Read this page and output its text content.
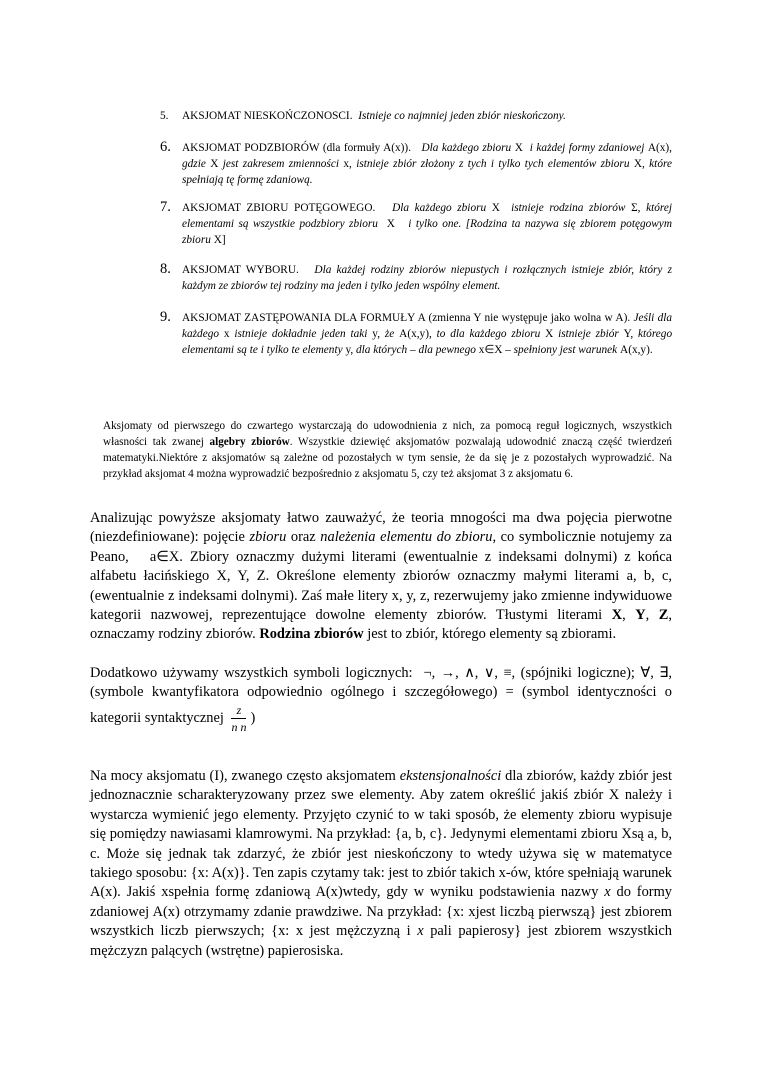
5. AKSJOMAT NIESKOŃCZONOSCI. Istnieje co najmniej jeden zbiór nieskończony.
6. AKSJOMAT PODZBIORÓW (dla formuły A(x)). Dla każdego zbioru X i każdej formy zdaniowej A(x), gdzie X jest zakresem zmienności x, istnieje zbiór złożony z tych i tylko tych elementów zbioru X, które spełniają tę formę zdaniową.
7. AKSJOMAT ZBIORU POTĘGOWEGO. Dla każdego zbioru X istnieje rodzina zbiorów Σ, której elementami są wszystkie podzbiory zbioru X i tylko one. [Rodzina ta nazywa się zbiorem potęgowym zbioru X]
8. AKSJOMAT WYBORU. Dla każdej rodziny zbiorów niepustych i rozłącznych istnieje zbiór, który z każdym ze zbiorów tej rodziny ma jeden i tylko jeden wspólny element.
9. AKSJOMAT ZASTĘPOWANIA DLA FORMUŁY A (zmienna Y nie występuje jako wolna w A). Jeśli dla każdego x istnieje dokładnie jeden taki y, że A(x,y), to dla każdego zbioru X istnieje zbiór Y, którego elementami są te i tylko te elementy y, dla których – dla pewnego x∈X – spełniony jest warunek A(x,y).
Aksjomaty od pierwszego do czwartego wystarczają do udowodnienia z nich, za pomocą reguł logicznych, wszystkich własności tak zwanej algebry zbiorów. Wszystkie dziewięć aksjomatów pozwalają udowodnić znaczą część twierdzeń matematyki.Niektóre z aksjomatów są zależne od pozostałych w tym sensie, że da się je z pozostałych wyprowadzić. Na przykład aksjomat 4 można wyprowadzić bezpośrednio z aksjomatu 5, czy też aksjomat 3 z aksjomatu 6.
Analizując powyższe aksjomaty łatwo zauważyć, że teoria mnogości ma dwa pojęcia pierwotne (niezdefiniowane): pojęcie zbioru oraz należenia elementu do zbioru, co symbolicznie notujemy za Peano, a∈X. Zbiory oznaczmy dużymi literami (ewentualnie z indeksami dolnymi) z końca alfabetu łacińskiego X, Y, Z. Określone elementy zbiorów oznaczmy małymi literami a, b, c, (ewentualnie z indeksami dolnymi). Zaś małe litery x, y, z, rezerwujemy jako zmienne indywiduowe kategorii nazwowej, reprezentujące dowolne elementy zbiorów. Tłustymi literami X, Y, Z, oznaczamy rodziny zbiorów. Rodzina zbiorów jest to zbiór, którego elementy są zbiorami.
Dodatkowo używamy wszystkich symboli logicznych: ¬, →, ∧, ∨, ≡, (spójniki logiczne); ∀, ∃, (symbole kwantyfikatora odpowiednio ogólnego i szczegółowego) = (symbol identyczności o kategorii syntaktycznej $\frac{z}{\text{n n}}$ )
Na mocy aksjomatu (I), zwanego często aksjomatem ekstensjonalności dla zbiorów, każdy zbiór jest jednoznacznie scharakteryzowany przez swe elementy. Aby zatem określić jakiś zbiór X należy i wystarcza wymienić jego elementy. Przyjęto czynić to w taki sposób, że elementy zbioru wypisuje się pomiędzy nawiasami klamrowymi. Na przykład: {a, b, c}. Jedynymi elementami zbioru Xsą a, b, c. Może się jednak tak zdarzyć, że zbiór jest nieskończony to wtedy używa się w matematyce takiego sposobu: {x: A(x)}. Ten zapis czytamy tak: jest to zbiór takich x-ów, które spełniają warunek A(x). Jakiś xspełnia formę zdaniową A(x)wtedy, gdy w wyniku podstawienia nazwy x do formy zdaniowej A(x) otrzymamy zdanie prawdziwe. Na przykład: {x: xjest liczbą pierwszą} jest zbiorem wszystkich liczb pierwszych; {x: x jest mężczyzną i x pali papierosy} jest zbiorem wszystkich mężczyzn palących (wstrętne) papierosiska.
